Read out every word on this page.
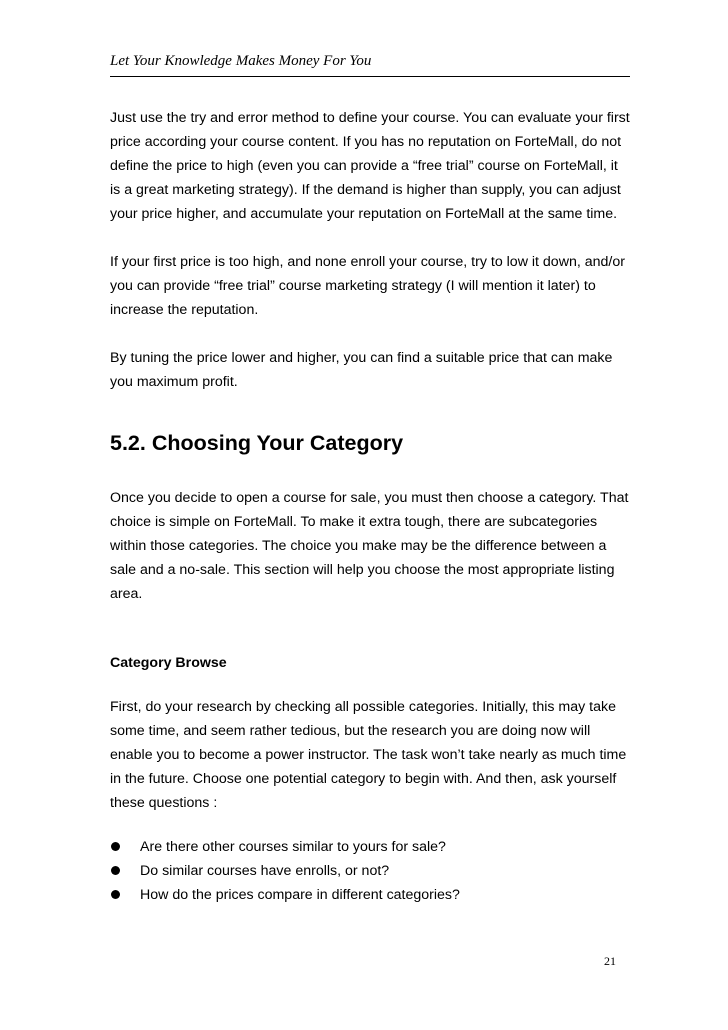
Let Your Knowledge Makes Money For You

Just use the try and error method to define your course. You can evaluate your first price according your course content. If you has no reputation on ForteMall, do not define the price to high (even you can provide a “free trial” course on ForteMall, it is a great marketing strategy). If the demand is higher than supply, you can adjust your price higher, and accumulate your reputation on ForteMall at the same time.

If your first price is too high, and none enroll your course, try to low it down, and/or you can provide “free trial” course marketing strategy (I will mention it later) to increase the reputation.

By tuning the price lower and higher, you can find a suitable price that can make you maximum profit.

5.2. Choosing Your Category

Once you decide to open a course for sale, you must then choose a category. That choice is simple on ForteMall. To make it extra tough, there are subcategories within those categories. The choice you make may be the difference between a sale and a no-sale. This section will help you choose the most appropriate listing area.

Category Browse

First, do your research by checking all possible categories. Initially, this may take some time, and seem rather tedious, but the research you are doing now will enable you to become a power instructor. The task won’t take nearly as much time in the future. Choose one potential category to begin with. And then, ask yourself these questions :

Are there other courses similar to yours for sale?
Do similar courses have enrolls, or not?
How do the prices compare in different categories?
21
